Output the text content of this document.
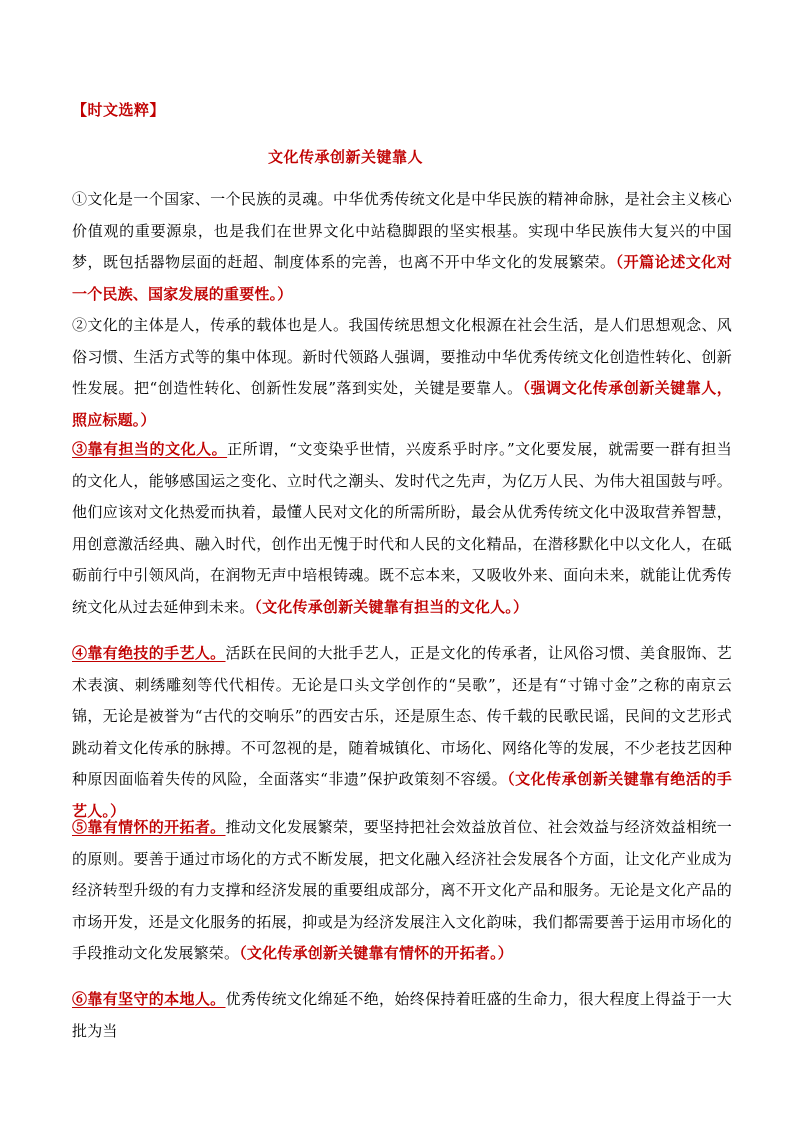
【时文选粹】
文化传承创新关键靠人

①文化是一个国家、一个民族的灵魂。中华优秀传统文化是中华民族的精神命脉，是社会主义核心价值观的重要源泉，也是我们在世界文化中站稳脚跟的坚实根基。实现中华民族伟大复兴的中国梦，既包括器物层面的赶超、制度体系的完善，也离不开中华文化的发展繁荣。（开篇论述文化对一个民族、国家发展的重要性。）

②文化的主体是人，传承的载体也是人。我国传统思想文化根源在社会生活，是人们思想观念、风俗习惯、生活方式等的集中体现。新时代领路人强调，要推动中华优秀传统文化创造性转化、创新性发展。把“创造性转化、创新性发展”落到实处，关键是要靠人。（强调文化传承创新关键靠人，照应标题。）

③靠有担当的文化人。正所谓，“文变染乎世情，兴废系乎时序。”文化要发展，就需要一群有担当的文化人，能够感国运之变化、立时代之潮头、发时代之先声，为亿万人民、为伟大祖国鼓与呼。他们应该对文化热爱而执着，最懂人民对文化的所需所盼，最会从优秀传统文化中汲取营养智慧，用创意激活经典、融入时代，创作出无愧于时代和人民的文化精品，在潜移默化中以文化人，在砥砺前行中引领风尚，在润物无声中培根铸魂。既不忘本来，又吸收外来、面向未来，就能让优秀传统文化从过去延伸到未来。（文化传承创新关键靠有担当的文化人。）

④靠有绝技的手艺人。活跃在民间的大批手艺人，正是文化的传承者，让风俗习惯、美食服饰、艺术表演、刺绣雕刻等代代相传。无论是口头文学创作的“吴歌”，还是有“寸锦寸金”之称的南京云锦，无论是被誉为“古代的交响乐”的西安古乐，还是原生态、传千载的民歌民谣，民间的文艺形式跳动着文化传承的脉搏。不可忽视的是，随着城镇化、市场化、网络化等的发展，不少老技艺因种种原因面临着失传的风险，全面落实“非遗”保护政策刻不容缓。（文化传承创新关键靠有绝活的手艺人。）

⑤靠有情怀的开拓者。推动文化发展繁荣，要坚持把社会效益放首位、社会效益与经济效益相统一的原则。要善于通过市场化的方式不断发展，把文化融入经济社会发展各个方面，让文化产业成为经济转型升级的有力支撑和经济发展的重要组成部分，离不开文化产品和服务。无论是文化产品的市场开发，还是文化服务的拓展，抑或是为经济发展注入文化韵味，我们都需要善于运用市场化的手段推动文化发展繁荣。（文化传承创新关键靠有情怀的开拓者。）

⑥靠有坚守的本地人。优秀传统文化绵延不绝，始终保持着旺盛的生命力，很大程度上得益于一大批为当
